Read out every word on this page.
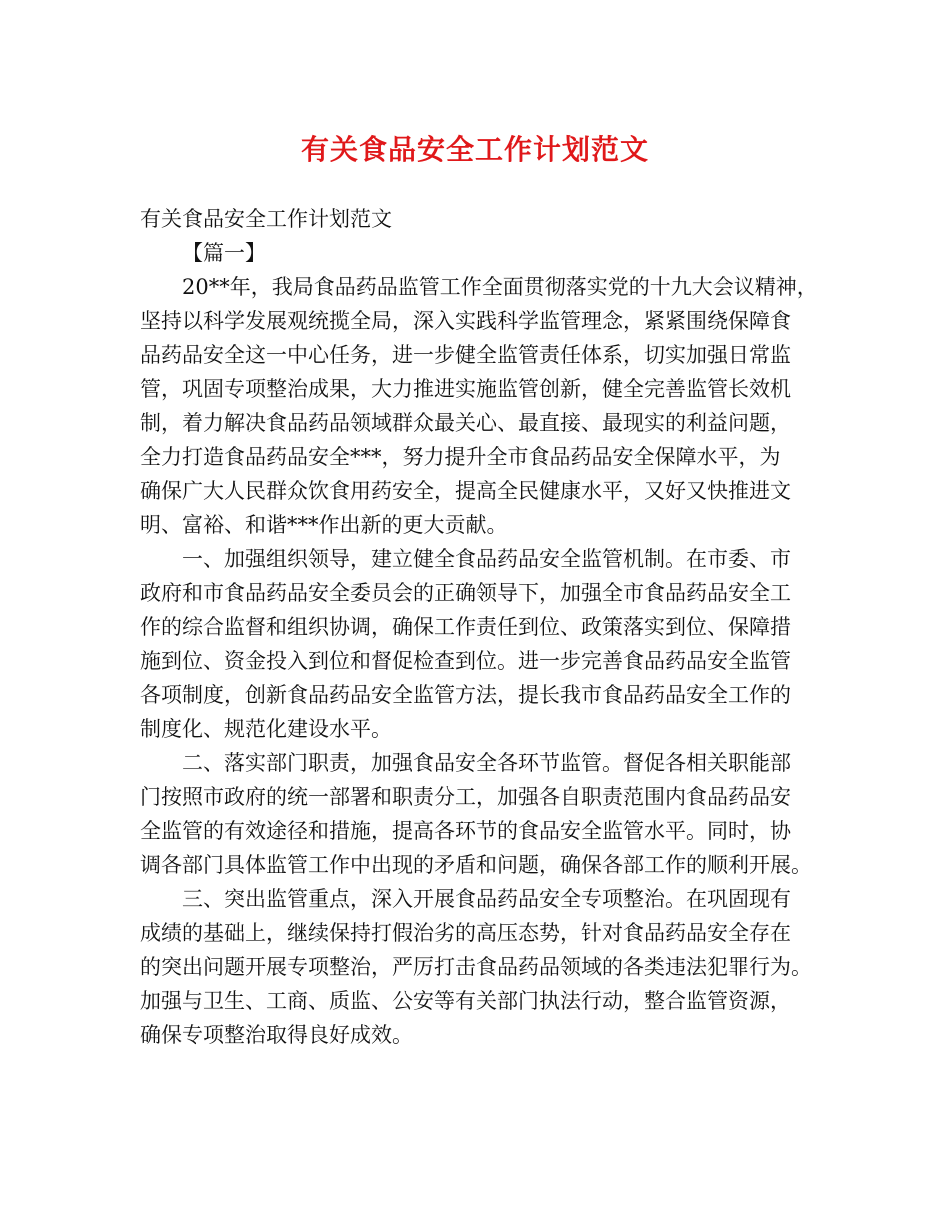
有关食品安全工作计划范文
有关食品安全工作计划范文
【篇一】
20**年，我局食品药品监管工作全面贯彻落实党的十九大会议精神，
坚持以科学发展观统揽全局，深入实践科学监管理念，紧紧围绕保障食
品药品安全这一中心任务，进一步健全监管责任体系，切实加强日常监
管，巩固专项整治成果，大力推进实施监管创新，健全完善监管长效机
制，着力解决食品药品领域群众最关心、最直接、最现实的利益问题，
全力打造食品药品安全***，努力提升全市食品药品安全保障水平，为
确保广大人民群众饮食用药安全，提高全民健康水平，又好又快推进文
明、富裕、和谐***作出新的更大贡献。
一、加强组织领导，建立健全食品药品安全监管机制。在市委、市
政府和市食品药品安全委员会的正确领导下，加强全市食品药品安全工
作的综合监督和组织协调，确保工作责任到位、政策落实到位、保障措
施到位、资金投入到位和督促检查到位。进一步完善食品药品安全监管
各项制度，创新食品药品安全监管方法，提长我市食品药品安全工作的
制度化、规范化建设水平。
二、落实部门职责，加强食品安全各环节监管。督促各相关职能部
门按照市政府的统一部署和职责分工，加强各自职责范围内食品药品安
全监管的有效途径和措施，提高各环节的食品安全监管水平。同时，协
调各部门具体监管工作中出现的矛盾和问题，确保各部工作的顺利开展。
三、突出监管重点，深入开展食品药品安全专项整治。在巩固现有
成绩的基础上，继续保持打假治劣的高压态势，针对食品药品安全存在
的突出问题开展专项整治，严厉打击食品药品领域的各类违法犯罪行为。
加强与卫生、工商、质监、公安等有关部门执法行动，整合监管资源，
确保专项整治取得良好成效。
